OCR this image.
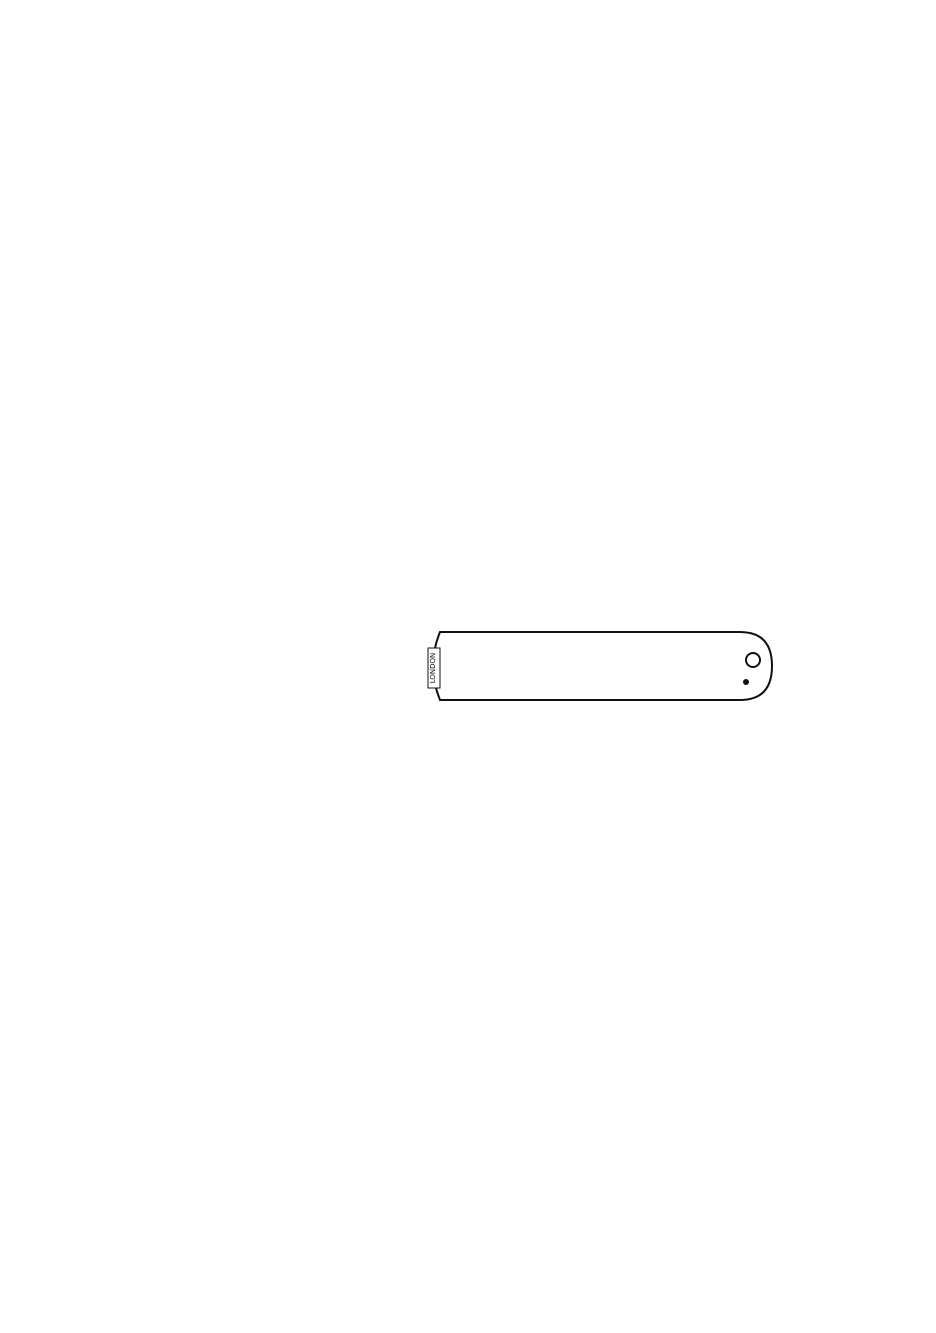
LONDON
